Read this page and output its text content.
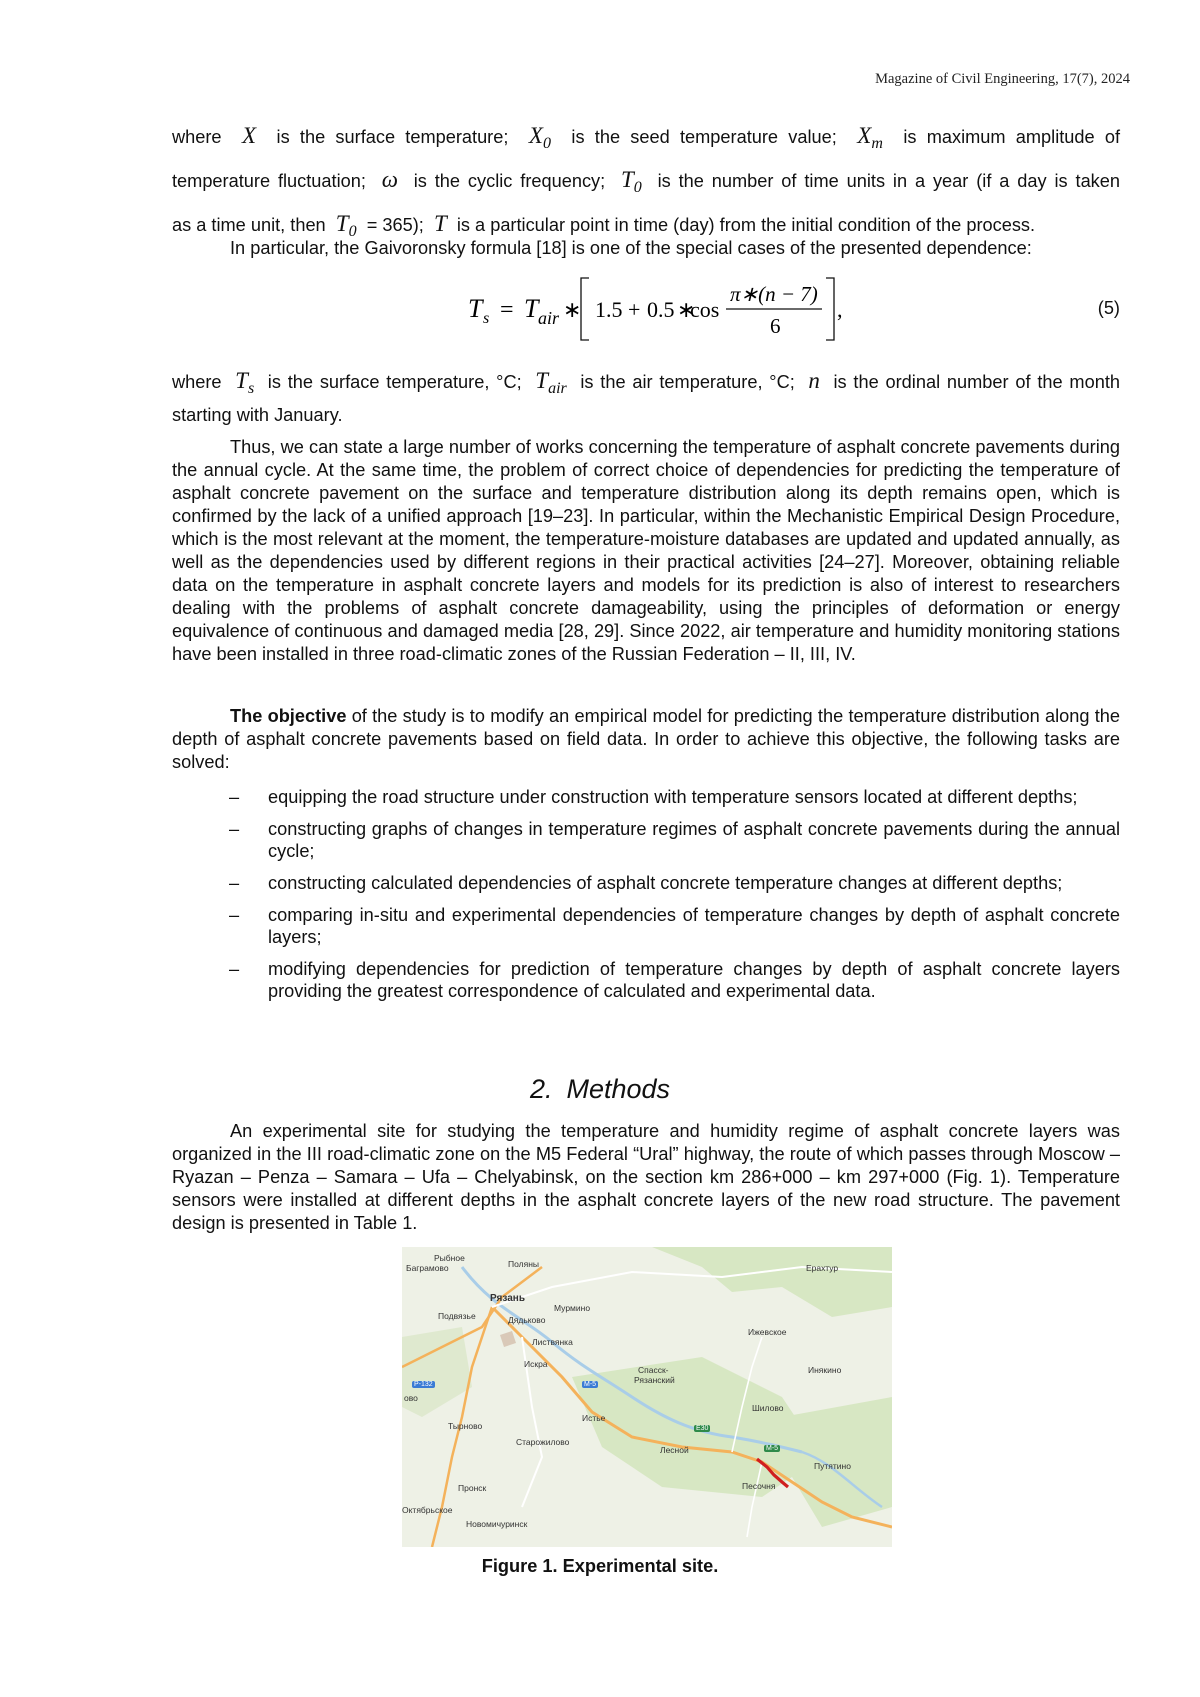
Magazine of Civil Engineering, 17(7), 2024
where X is the surface temperature; $X_0$ is the seed temperature value; $X_m$ is maximum amplitude of
temperature fluctuation; ω is the cyclic frequency; $T_0$ is the number of time units in a year (if a day is taken
as a time unit, then $T_0 = 365$); T is a particular point in time (day) from the initial condition of the process.
In particular, the Gaivoronsky formula [18] is one of the special cases of the presented dependence:
T s = T air ∗ 1.5 + 0.5 ∗
cos
π∗(n − 7)
6
,	(5)
where $T_s$ is the surface temperature, °C; $T_{air}$ is the air temperature, °C; n is the ordinal number of the month starting with January.
Thus, we can state a large number of works concerning the temperature of asphalt concrete pavements during the annual cycle. At the same time, the problem of correct choice of dependencies for predicting the temperature of asphalt concrete pavement on the surface and temperature distribution along its depth remains open, which is confirmed by the lack of a unified approach [19–23]. In particular, within the Mechanistic Empirical Design Procedure, which is the most relevant at the moment, the temperature-moisture databases are updated and updated annually, as well as the dependencies used by different regions in their practical activities [24–27]. Moreover, obtaining reliable data on the temperature in asphalt concrete layers and models for its prediction is also of interest to researchers dealing with the problems of asphalt concrete damageability, using the principles of deformation or energy equivalence of continuous and damaged media [28, 29]. Since 2022, air temperature and humidity monitoring stations have been installed in three road-climatic zones of the Russian Federation – II, III, IV.
The objective of the study is to modify an empirical model for predicting the temperature distribution along the depth of asphalt concrete pavements based on field data. In order to achieve this objective, the following tasks are solved:
– equipping the road structure under construction with temperature sensors located at different depths;
– constructing graphs of changes in temperature regimes of asphalt concrete pavements during the annual cycle;
– constructing calculated dependencies of asphalt concrete temperature changes at different depths;
– comparing in-situ and experimental dependencies of temperature changes by depth of asphalt concrete layers;
– modifying dependencies for prediction of temperature changes by depth of asphalt concrete layers providing the greatest correspondence of calculated and experimental data.
2. Methods
An experimental site for studying the temperature and humidity regime of asphalt concrete layers was organized in the III road-climatic zone on the M5 Federal “Ural” highway, the route of which passes through Moscow – Ryazan – Penza – Samara – Ufa – Chelyabinsk, on the section km 286+000 – km 297+000 (Fig. 1). Temperature sensors were installed at different depths in the asphalt concrete layers of the new road structure. The pavement design is presented in Table 1.
Рыбное
Баграмово	Поляны
Рязань
Подвязье
Мурмино
Дядьково
Листвянка
Искра
Ерахтур
Ижевское
Спасск-
Рязанский
Инякино
ово
Истье
Шилово
Тырново
Старожилово
Лесной
Путятино
Песочня
Пронск
Октябрьское
Новомичуринск
Р-132	М-5
E30
М-5
Figure 1. Experimental site.
